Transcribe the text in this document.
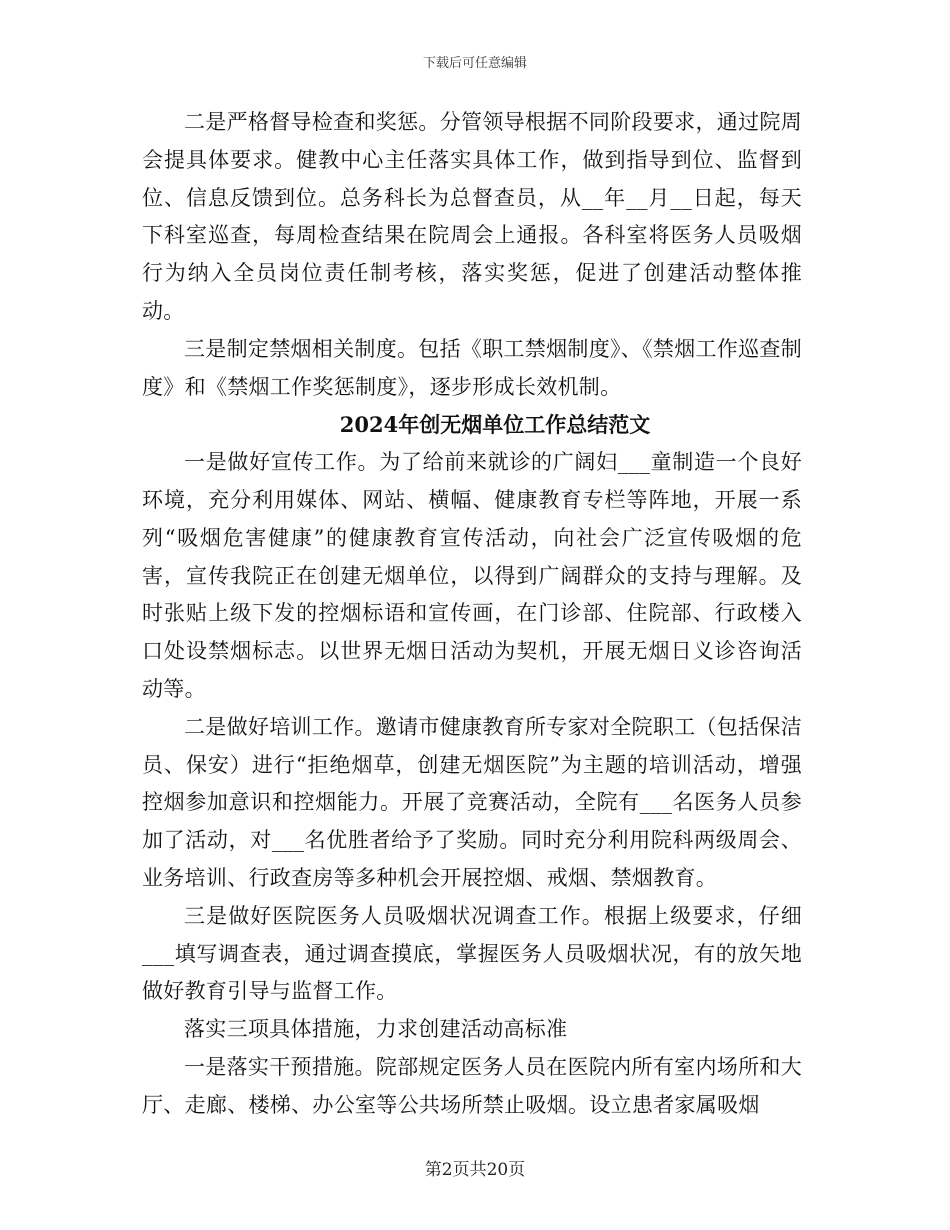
下载后可任意编辑

二是严格督导检查和奖惩。分管领导根据不同阶段要求，通过院周会提具体要求。健教中心主任落实具体工作，做到指导到位、监督到位、信息反馈到位。总务科长为总督查员，从__年__月__日起，每天下科室巡查，每周检查结果在院周会上通报。各科室将医务人员吸烟行为纳入全员岗位责任制考核，落实奖惩，促进了创建活动整体推动。

三是制定禁烟相关制度。包括《职工禁烟制度》、《禁烟工作巡查制度》和《禁烟工作奖惩制度》，逐步形成长效机制。

2024年创无烟单位工作总结范文

一是做好宣传工作。为了给前来就诊的广阔妇___童制造一个良好环境，充分利用媒体、网站、横幅、健康教育专栏等阵地，开展一系列“吸烟危害健康”的健康教育宣传活动，向社会广泛宣传吸烟的危害，宣传我院正在创建无烟单位，以得到广阔群众的支持与理解。及时张贴上级下发的控烟标语和宣传画，在门诊部、住院部、行政楼入口处设禁烟标志。以世界无烟日活动为契机，开展无烟日义诊咨询活动等。

二是做好培训工作。邀请市健康教育所专家对全院职工（包括保洁员、保安）进行“拒绝烟草，创建无烟医院”为主题的培训活动，增强控烟参加意识和控烟能力。开展了竞赛活动，全院有___名医务人员参加了活动，对___名优胜者给予了奖励。同时充分利用院科两级周会、业务培训、行政查房等多种机会开展控烟、戒烟、禁烟教育。

三是做好医院医务人员吸烟状况调查工作。根据上级要求，仔细___填写调查表，通过调查摸底，掌握医务人员吸烟状况，有的放矢地做好教育引导与监督工作。

落实三项具体措施，力求创建活动高标准

一是落实干预措施。院部规定医务人员在医院内所有室内场所和大厅、走廊、楼梯、办公室等公共场所禁止吸烟。设立患者家属吸烟

第2页共20页
